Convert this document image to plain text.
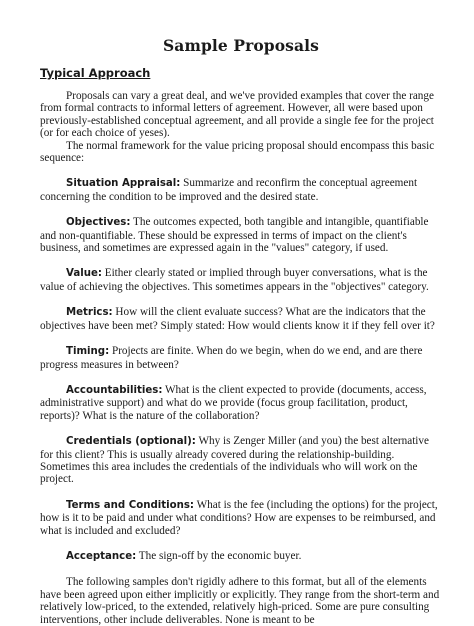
Sample Proposals
Typical Approach

Proposals can vary a great deal, and we've provided examples that cover the range from formal contracts to informal letters of agreement. However, all were based upon previously-established conceptual agreement, and all provide a single fee for the project (or for each choice of yeses).

The normal framework for the value pricing proposal should encompass this basic sequence:

Situation Appraisal: Summarize and reconfirm the conceptual agreement concerning the condition to be improved and the desired state.

Objectives: The outcomes expected, both tangible and intangible, quantifiable and non-quantifiable. These should be expressed in terms of impact on the client's business, and sometimes are expressed again in the "values" category, if used.

Value: Either clearly stated or implied through buyer conversations, what is the value of achieving the objectives. This sometimes appears in the "objectives" category.

Metrics: How will the client evaluate success? What are the indicators that the objectives have been met? Simply stated: How would clients know it if they fell over it?

Timing: Projects are finite. When do we begin, when do we end, and are there progress measures in between?

Accountabilities: What is the client expected to provide (documents, access, administrative support) and what do we provide (focus group facilitation, product, reports)? What is the nature of the collaboration?

Credentials (optional): Why is Zenger Miller (and you) the best alternative for this client? This is usually already covered during the relationship-building. Sometimes this area includes the credentials of the individuals who will work on the project.

Terms and Conditions: What is the fee (including the options) for the project, how is it to be paid and under what conditions? How are expenses to be reimbursed, and what is included and excluded?

Acceptance: The sign-off by the economic buyer.

The following samples don't rigidly adhere to this format, but all of the elements have been agreed upon either implicitly or explicitly. They range from the short-term and relatively low-priced, to the extended, relatively high-priced. Some are pure consulting interventions, other include deliverables. None is meant to be
